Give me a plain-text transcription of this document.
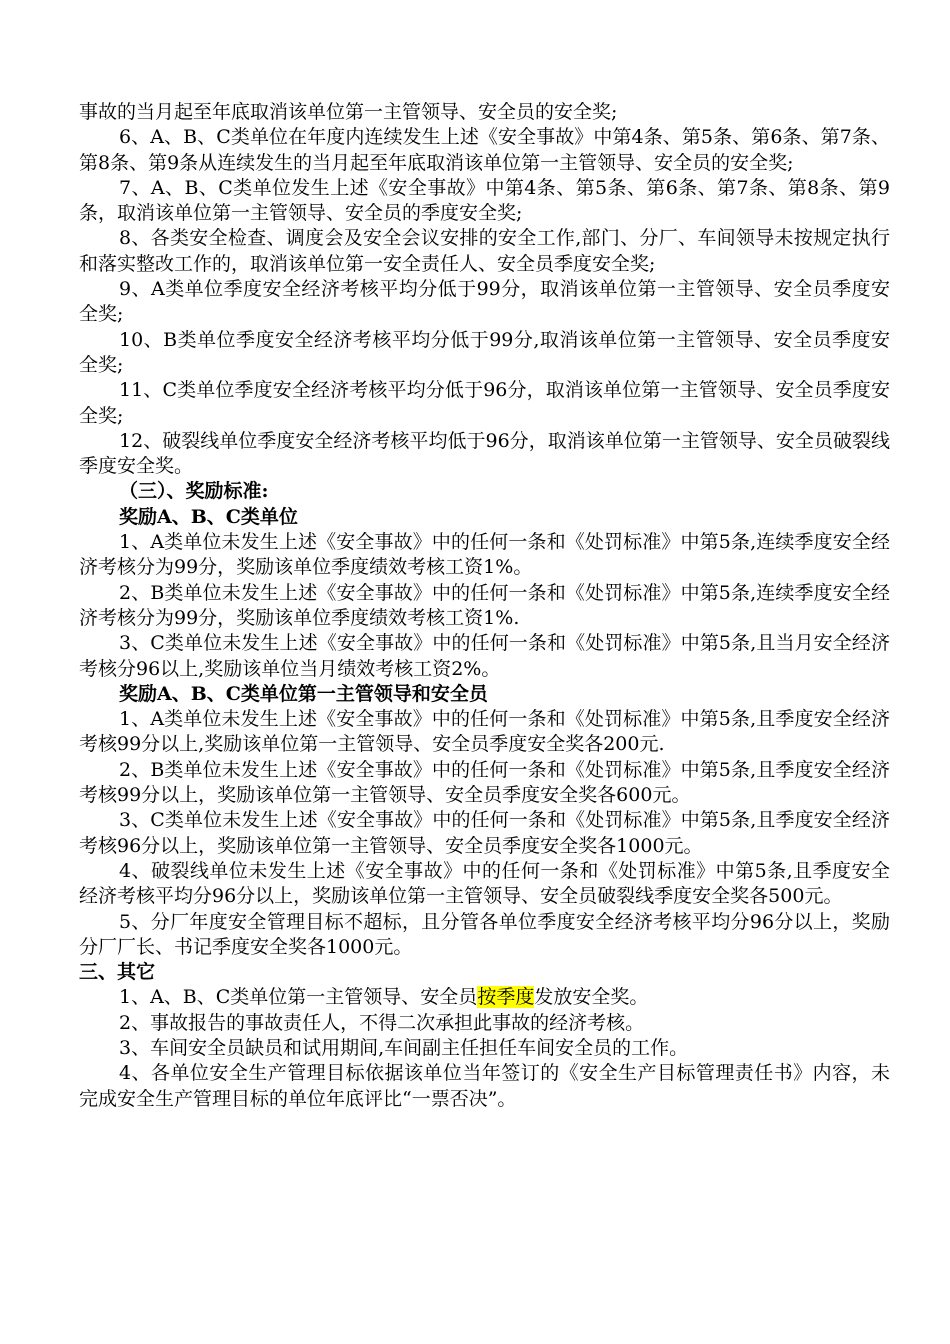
事故的当月起至年底取消该单位第一主管领导、安全员的安全奖;

6、A、B、C类单位在年度内连续发生上述《安全事故》中第4条、第5条、第6条、第7条、第8条、第9条从连续发生的当月起至年底取消该单位第一主管领导、安全员的安全奖;

7、A、B、C类单位发生上述《安全事故》中第4条、第5条、第6条、第7条、第8条、第9条，取消该单位第一主管领导、安全员的季度安全奖;

8、各类安全检查、调度会及安全会议安排的安全工作,部门、分厂、车间领导未按规定执行和落实整改工作的，取消该单位第一安全责任人、安全员季度安全奖;

9、A类单位季度安全经济考核平均分低于99分，取消该单位第一主管领导、安全员季度安全奖;

10、B类单位季度安全经济考核平均分低于99分,取消该单位第一主管领导、安全员季度安全奖;

11、C类单位季度安全经济考核平均分低于96分，取消该单位第一主管领导、安全员季度安全奖;

12、破裂线单位季度安全经济考核平均低于96分，取消该单位第一主管领导、安全员破裂线季度安全奖。

（三）、奖励标准:

奖励A、B、C类单位

1、A类单位未发生上述《安全事故》中的任何一条和《处罚标准》中第5条,连续季度安全经济考核分为99分，奖励该单位季度绩效考核工资1%。

2、B类单位未发生上述《安全事故》中的任何一条和《处罚标准》中第5条,连续季度安全经济考核分为99分，奖励该单位季度绩效考核工资1%.

3、C类单位未发生上述《安全事故》中的任何一条和《处罚标准》中第5条,且当月安全经济考核分96以上,奖励该单位当月绩效考核工资2%。

奖励A、B、C类单位第一主管领导和安全员

1、A类单位未发生上述《安全事故》中的任何一条和《处罚标准》中第5条,且季度安全经济考核99分以上,奖励该单位第一主管领导、安全员季度安全奖各200元.

2、B类单位未发生上述《安全事故》中的任何一条和《处罚标准》中第5条,且季度安全经济考核99分以上，奖励该单位第一主管领导、安全员季度安全奖各600元。

3、C类单位未发生上述《安全事故》中的任何一条和《处罚标准》中第5条,且季度安全经济考核96分以上，奖励该单位第一主管领导、安全员季度安全奖各1000元。

4、破裂线单位未发生上述《安全事故》中的任何一条和《处罚标准》中第5条,且季度安全经济考核平均分96分以上，奖励该单位第一主管领导、安全员破裂线季度安全奖各500元。

5、分厂年度安全管理目标不超标，且分管各单位季度安全经济考核平均分96分以上，奖励分厂厂长、书记季度安全奖各1000元。

三、其它

1、A、B、C类单位第一主管领导、安全员按季度发放安全奖。

2、事故报告的事故责任人，不得二次承担此事故的经济考核。

3、车间安全员缺员和试用期间,车间副主任担任车间安全员的工作。

4、各单位安全生产管理目标依据该单位当年签订的《安全生产目标管理责任书》内容，未完成安全生产管理目标的单位年底评比“一票否决”。
